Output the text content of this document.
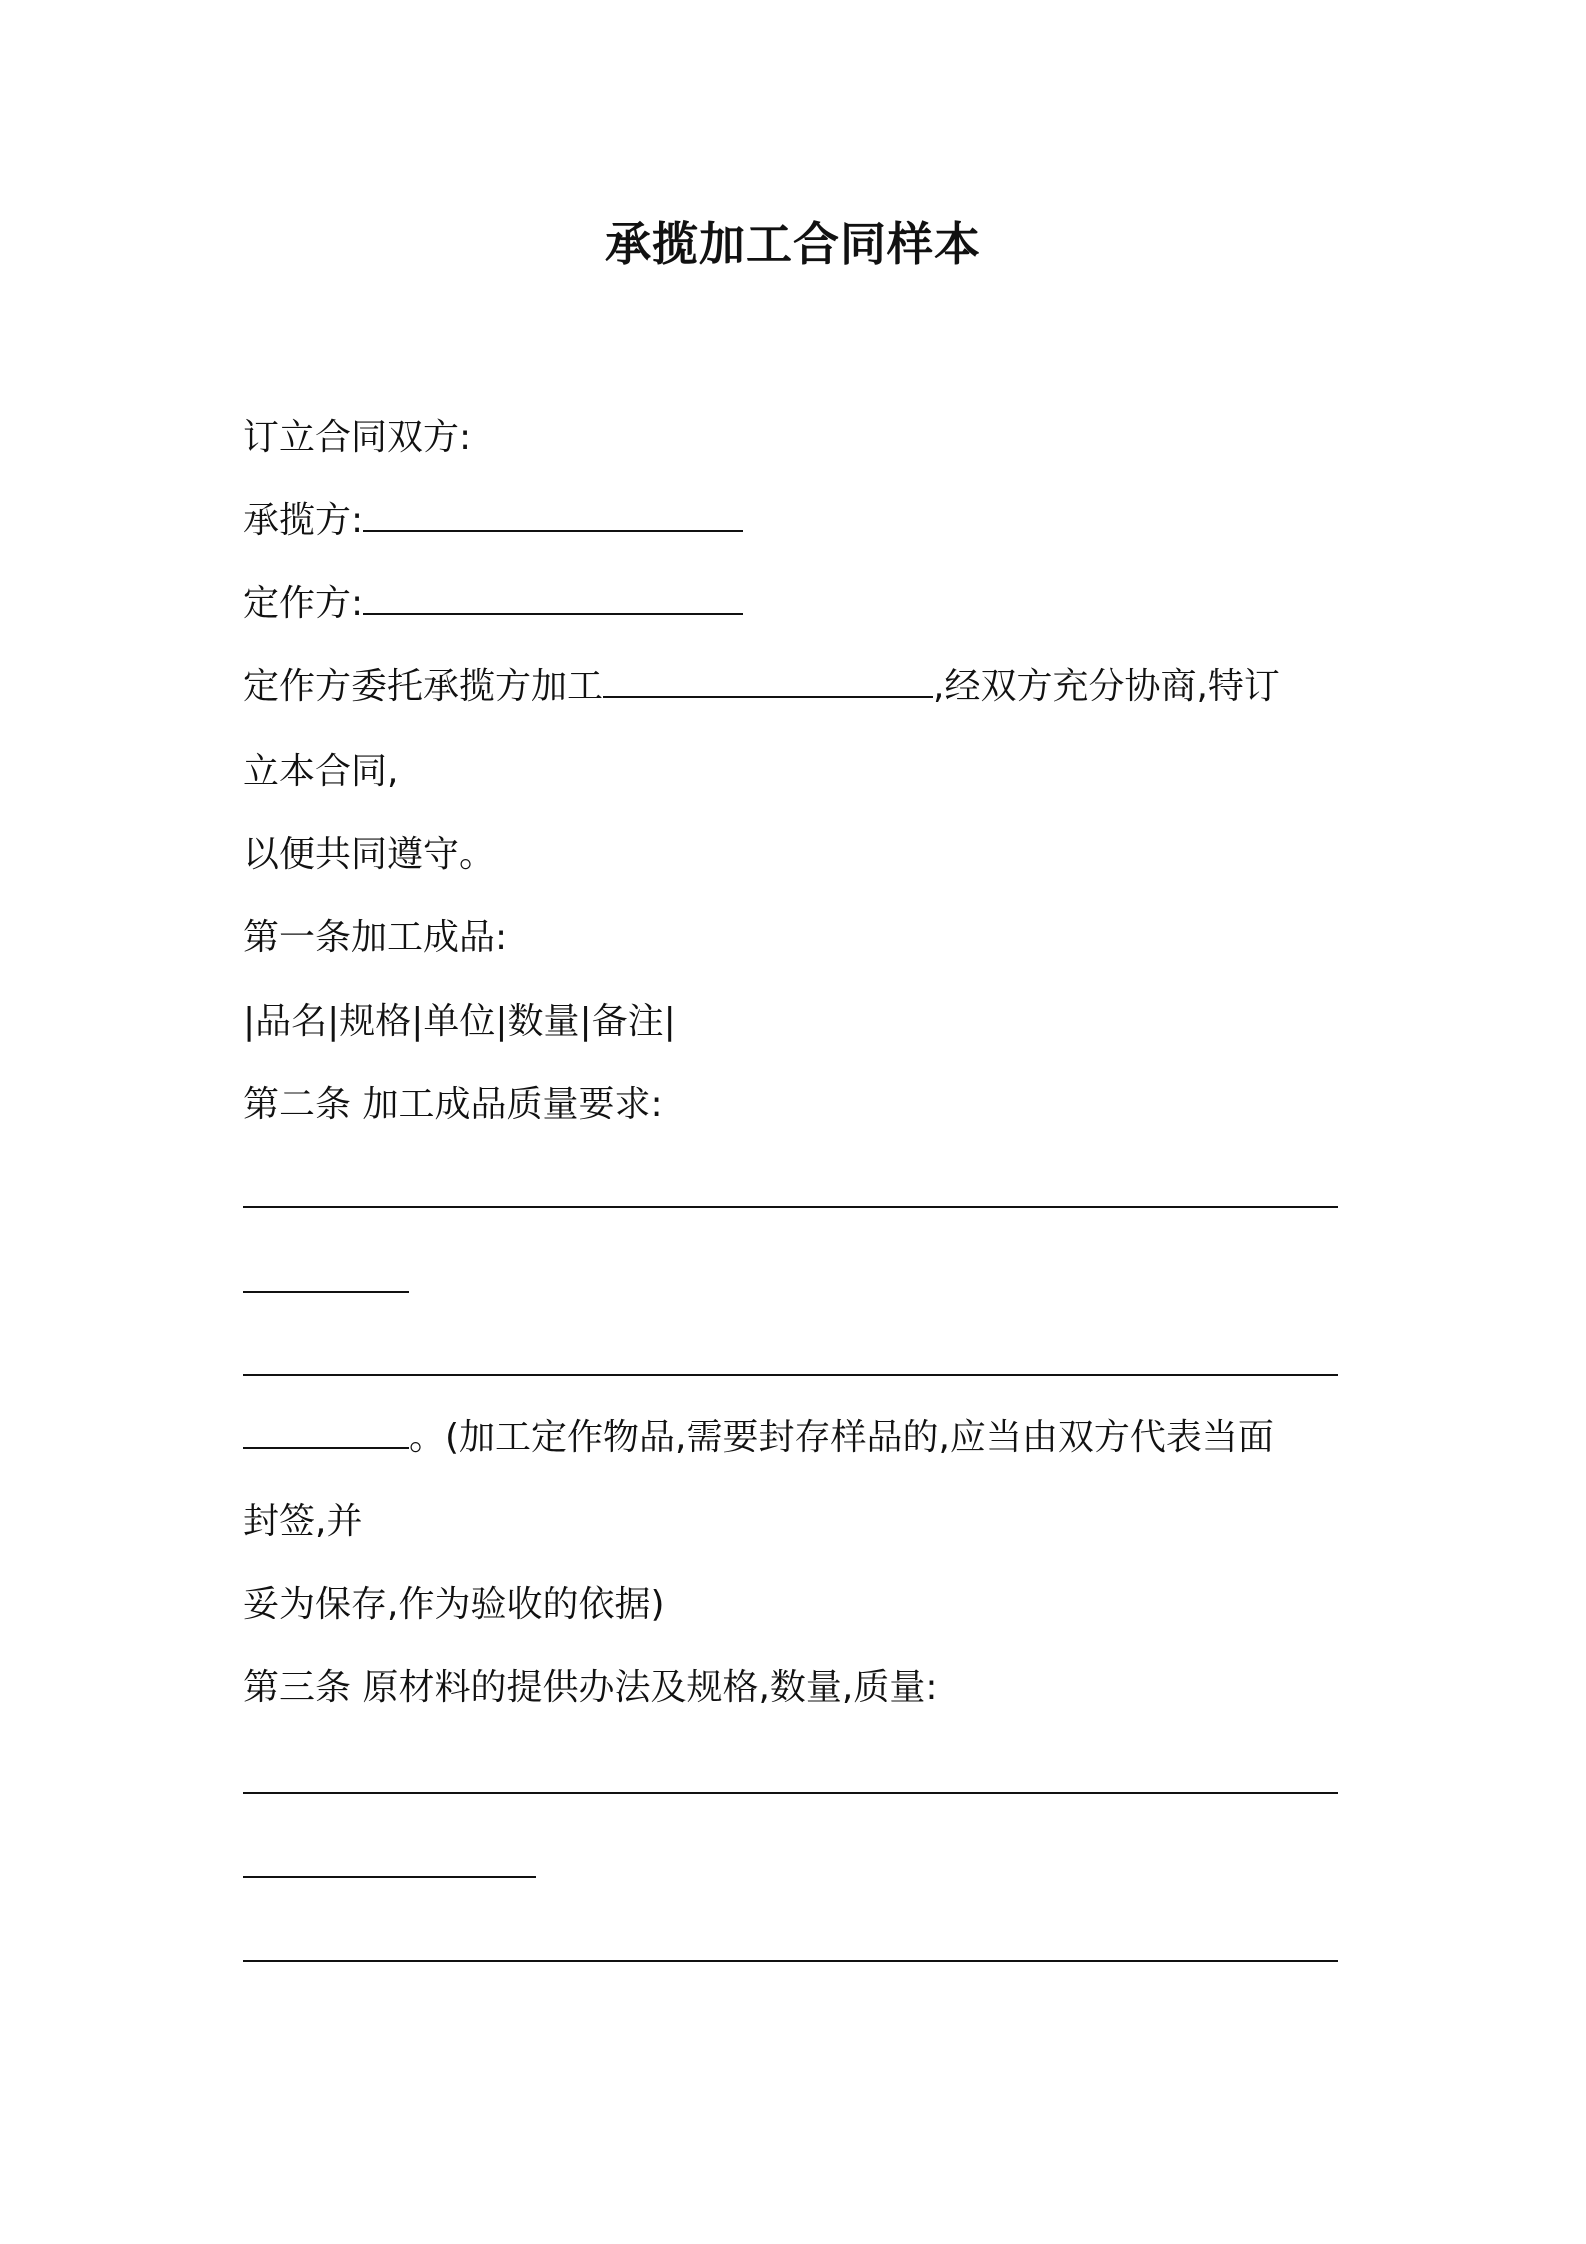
承揽加工合同样本
订立合同双方:
承揽方:
定作方:
定作方委托承揽方加工	,经双方充分协商,特订
立本合同,
以便共同遵守。
第一条加工成品:
|品名|规格|单位|数量|备注|
第二条 加工成品质量要求:
。(加工定作物品,需要封存样品的,应当由双方代表当面
封签,并
妥为保存,作为验收的依据)
第三条 原材料的提供办法及规格,数量,质量:
